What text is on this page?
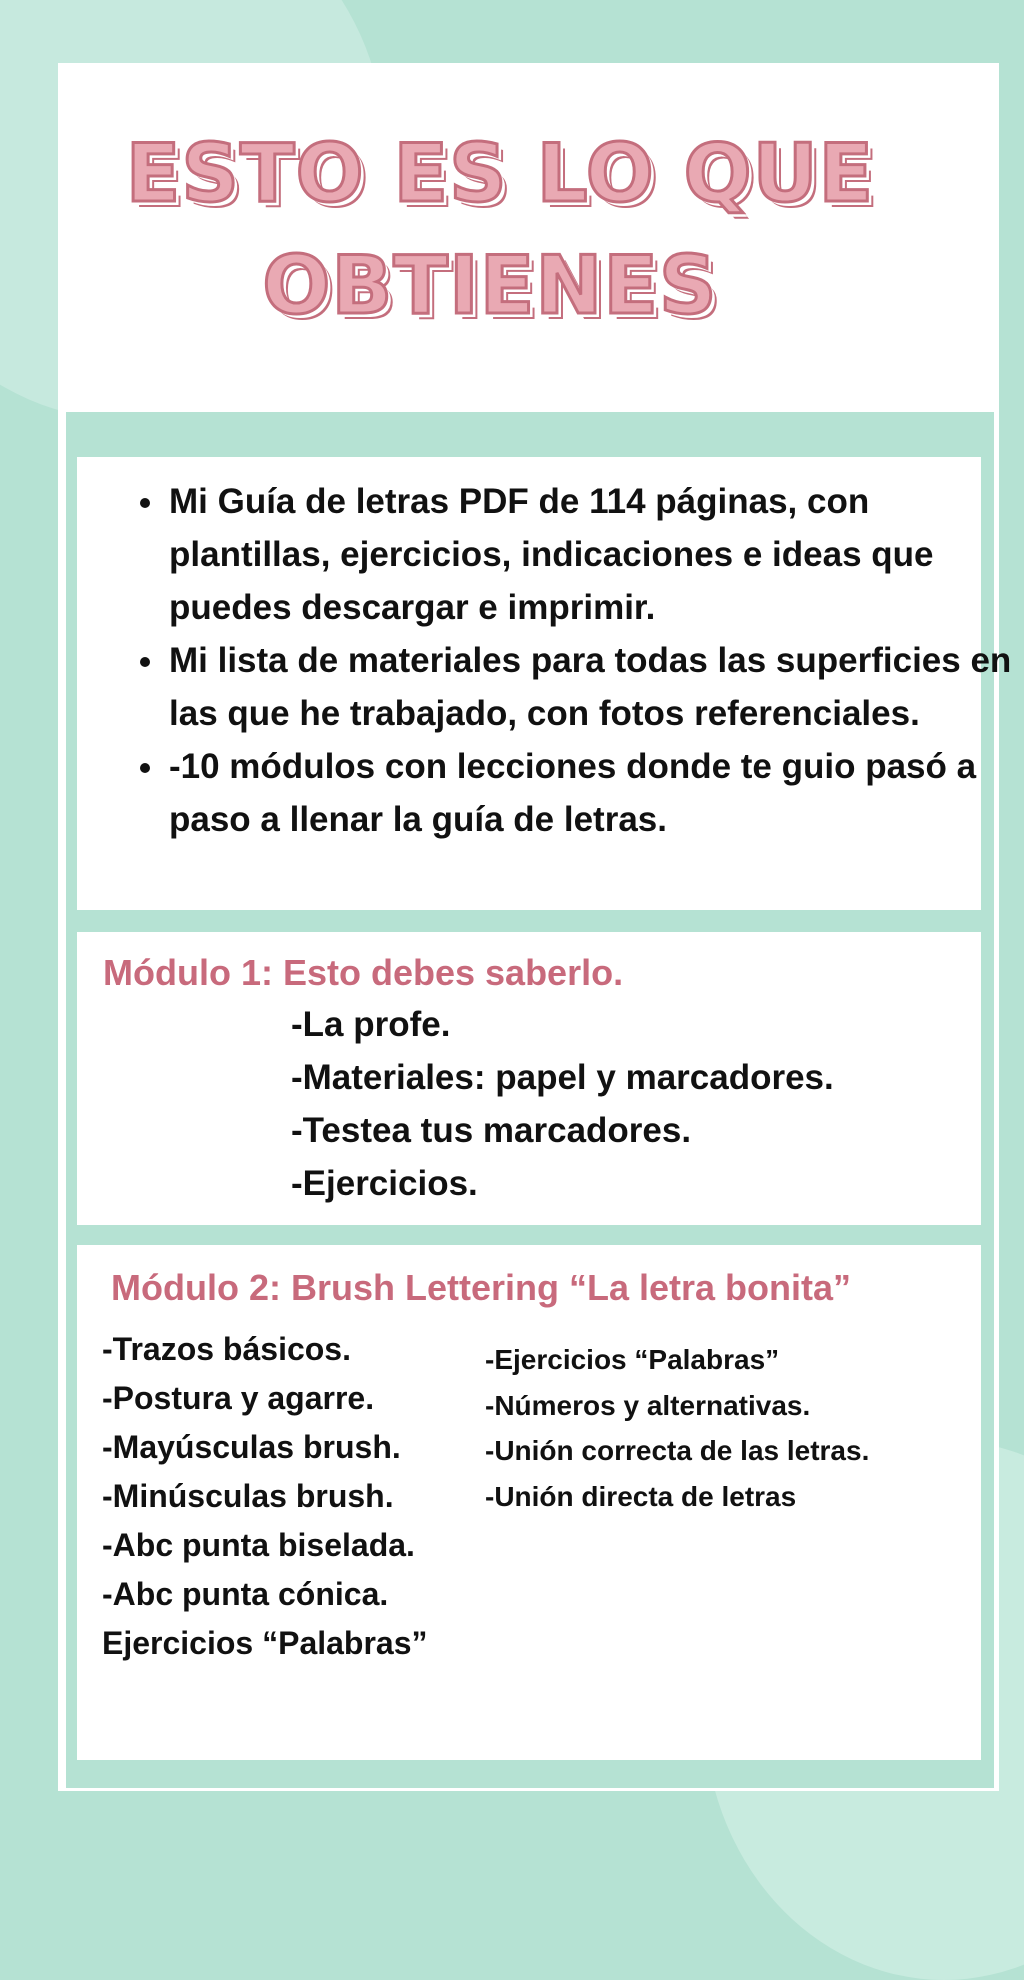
ESTO ES LO QUE
OBTIENES
• Mi Guía de letras PDF de 114 páginas, con plantillas, ejercicios, indicaciones e ideas que puedes descargar e imprimir.
• Mi lista de materiales para todas las superficies en las que he trabajado, con fotos referenciales.
• -10 módulos con lecciones donde te guio pasó a paso a llenar la guía de letras.
Módulo 1: Esto debes saberlo.
-La profe.
-Materiales: papel y marcadores.
-Testea tus marcadores.
-Ejercicios.
Módulo 2: Brush Lettering “La letra bonita”
-Trazos básicos.
-Postura y agarre.
-Mayúsculas brush.
-Minúsculas brush.
-Abc punta biselada.
-Abc punta cónica.
Ejercicios “Palabras”
-Ejercicios “Palabras”
-Números y alternativas.
-Unión correcta de las letras.
-Unión directa de letras
